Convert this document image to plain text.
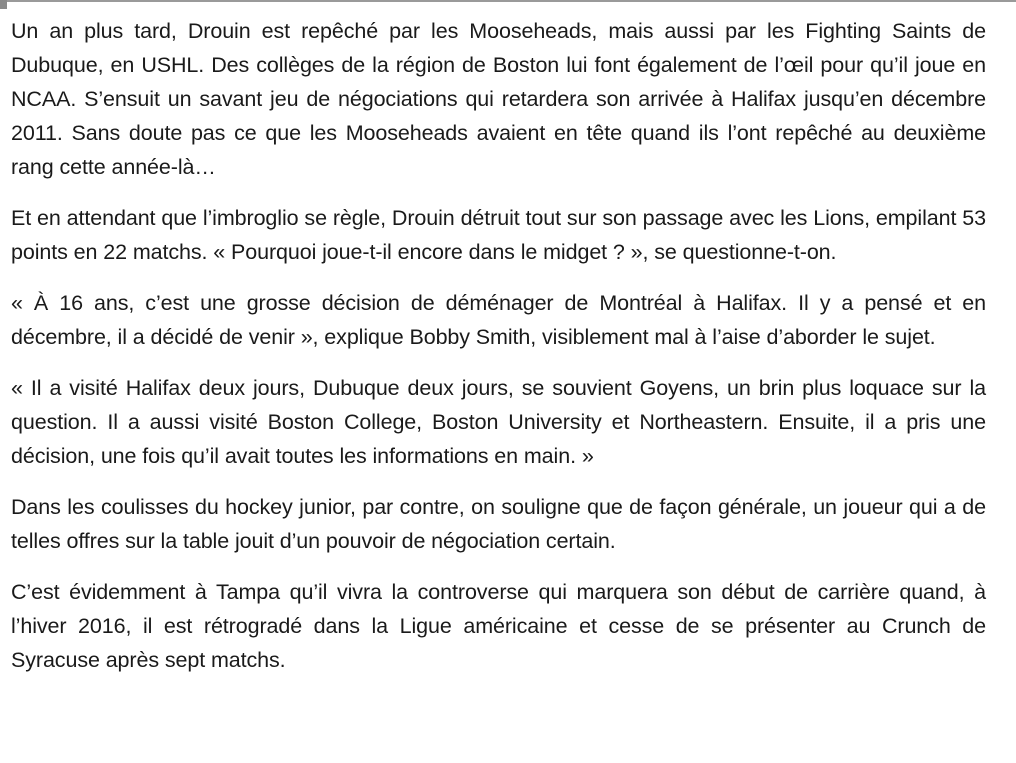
Un an plus tard, Drouin est repêché par les Mooseheads, mais aussi par les Fighting Saints de Dubuque, en USHL. Des collèges de la région de Boston lui font également de l’œil pour qu’il joue en NCAA. S’ensuit un savant jeu de négociations qui retardera son arrivée à Halifax jusqu’en décembre 2011. Sans doute pas ce que les Mooseheads avaient en tête quand ils l’ont repêché au deuxième rang cette année-là…

Et en attendant que l’imbroglio se règle, Drouin détruit tout sur son passage avec les Lions, empilant 53 points en 22 matchs. « Pourquoi joue-t-il encore dans le midget ? », se questionne-t-on.

« À 16 ans, c’est une grosse décision de déménager de Montréal à Halifax. Il y a pensé et en décembre, il a décidé de venir », explique Bobby Smith, visiblement mal à l’aise d’aborder le sujet.

« Il a visité Halifax deux jours, Dubuque deux jours, se souvient Goyens, un brin plus loquace sur la question. Il a aussi visité Boston College, Boston University et Northeastern. Ensuite, il a pris une décision, une fois qu’il avait toutes les informations en main. »

Dans les coulisses du hockey junior, par contre, on souligne que de façon générale, un joueur qui a de telles offres sur la table jouit d’un pouvoir de négociation certain.

C’est évidemment à Tampa qu’il vivra la controverse qui marquera son début de carrière quand, à l’hiver 2016, il est rétrogradé dans la Ligue américaine et cesse de se présenter au Crunch de Syracuse après sept matchs.
